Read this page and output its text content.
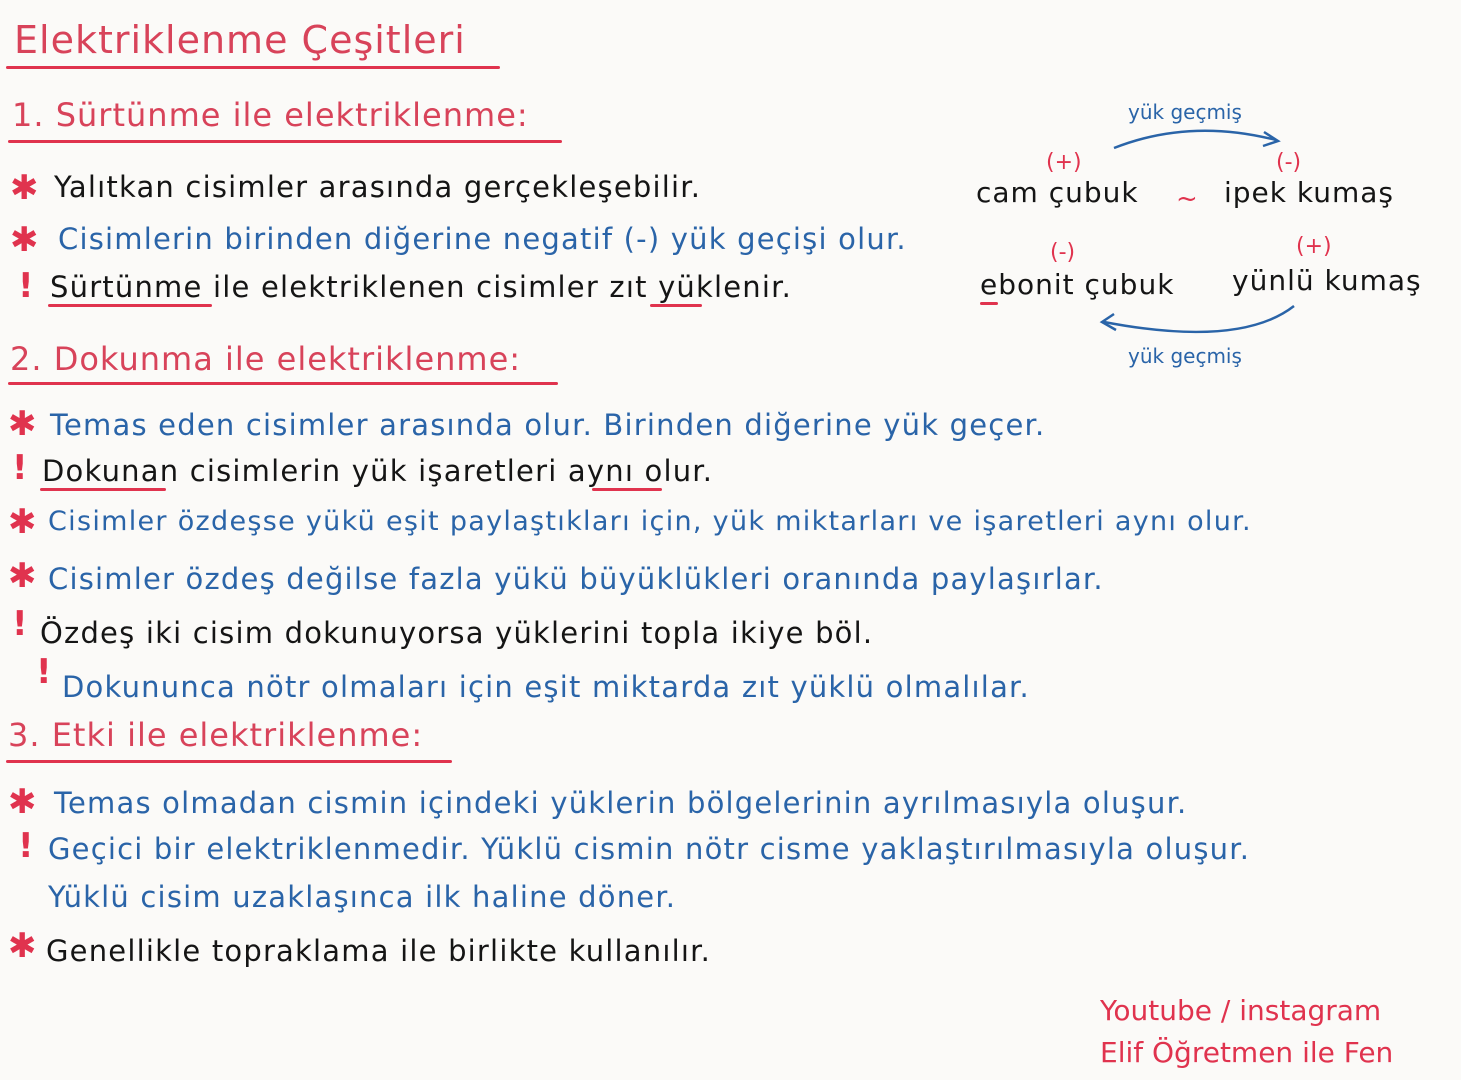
Elektriklenme Çeşitleri
1. Sürtünme ile elektriklenme:
✱ Yalıtkan cisimler arasında gerçekleşebilir.
✱ Cisimlerin birinden diğerine negatif (-) yük geçişi olur.
! Sürtünme ile elektriklenen cisimler zıt yüklenir.
2. Dokunma ile elektriklenme:
✱ Temas eden cisimler arasında olur. Birinden diğerine yük geçer.
! Dokunan cisimlerin yük işaretleri aynı olur.
✱ Cisimler özdeşse yükü eşit paylaştıkları için, yük miktarları ve işaretleri aynı olur.
✱ Cisimler özdeş değilse fazla yükü büyüklükleri oranında paylaşırlar.
! Özdeş iki cisim dokunuyorsa yüklerini topla ikiye böl.
! Dokununca nötr olmaları için eşit miktarda zıt yüklü olmalılar.
3. Etki ile elektriklenme:
✱ Temas olmadan cismin içindeki yüklerin bölgelerinin ayrılmasıyla oluşur.
! Geçici bir elektriklenmedir. Yüklü cismin nötr cisme yaklaştırılmasıyla oluşur.
Yüklü cisim uzaklaşınca ilk haline döner.
✱ Genellikle topraklama ile birlikte kullanılır.
yük geçmiş
(+)	(-)
cam çubuk ~ ipek kumaş
(-)	(+)
ebonit çubuk yünlü kumaş
yük geçmiş
Youtube / instagram
Elif Öğretmen ile Fen
